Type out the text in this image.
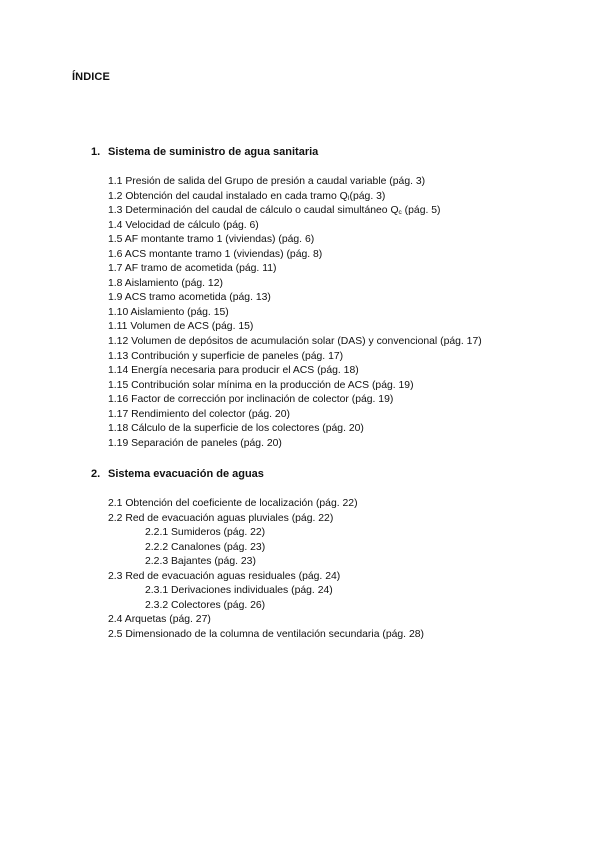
ÍNDICE
1. Sistema de suministro de agua sanitaria
1.1 Presión de salida del Grupo de presión a caudal variable (pág. 3)
1.2 Obtención del caudal instalado en cada tramo $Q_I(pág$. 3)
1.3 Determinación del caudal de cálculo o caudal simultáneo $Q_c$ (pág. 5)
1.4 Velocidad de cálculo (pág. 6)
1.5 AF montante tramo 1 (viviendas) (pág. 6)
1.6 ACS montante tramo 1 (viviendas) (pág. 8)
1.7 AF tramo de acometida (pág. 11)
1.8 Aislamiento (pág. 12)
1.9 ACS tramo acometida (pág. 13)
1.10 Aislamiento (pág. 15)
1.11 Volumen de ACS (pág. 15)
1.12 Volumen de depósitos de acumulación solar (DAS) y convencional (pág. 17)
1.13 Contribución y superficie de paneles (pág. 17)
1.14 Energía necesaria para producir el ACS (pág. 18)
1.15 Contribución solar mínima en la producción de ACS (pág. 19)
1.16 Factor de corrección por inclinación de colector (pág. 19)
1.17 Rendimiento del colector (pág. 20)
1.18 Cálculo de la superficie de los colectores (pág. 20)
1.19 Separación de paneles (pág. 20)
2. Sistema evacuación de aguas
2.1 Obtención del coeficiente de localización (pág. 22)
2.2 Red de evacuación aguas pluviales (pág. 22)
2.2.1 Sumideros (pág. 22)
2.2.2 Canalones (pág. 23)
2.2.3 Bajantes (pág. 23)
2.3 Red de evacuación aguas residuales (pág. 24)
2.3.1 Derivaciones individuales (pág. 24)
2.3.2 Colectores (pág. 26)
2.4 Arquetas (pág. 27)
2.5 Dimensionado de la columna de ventilación secundaria (pág. 28)
